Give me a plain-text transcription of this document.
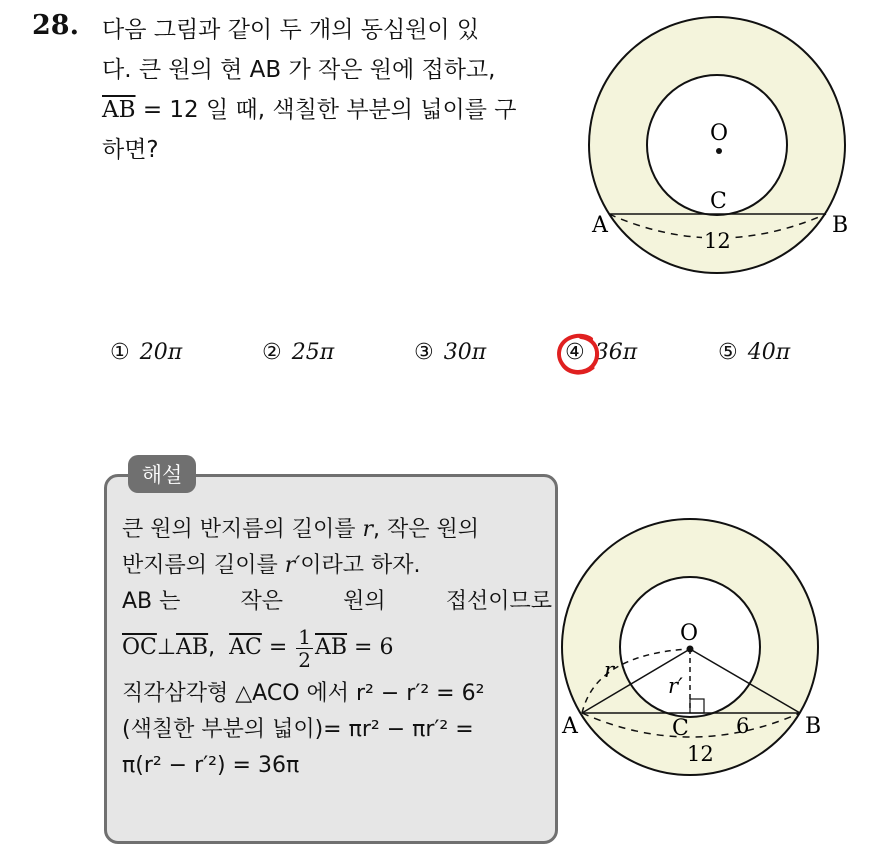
28. 다음 그림과 같이 두 개의 동심원이 있
다. 큰 원의 현 AB 가 작은 원에 접하고,
$\overline{AB} = 12$ 일 때, 색칠한 부분의 넓이를 구
하면?
O
C
A	B
12
① 20π	② 25π	③ 30π	④ 36π	⑤ 40π
해설
큰 원의 반지름의 길이를 r, 작은 원의
반지름의 길이를 r′이라고 하자.
AB 는	작은	원의	접선이므로
$\overline{OC}\perp\overline{AB}$, $\overline{AC} = \frac{1}{2} \overline{AB} = 6$
직각삼각형 △ACO 에서 r² − r′² = 6²
(색칠한 부분의 넓이)= πr² − πr′² =
π(r² − r′²) = 36π
O
r
r′
A	C	B
6
12
